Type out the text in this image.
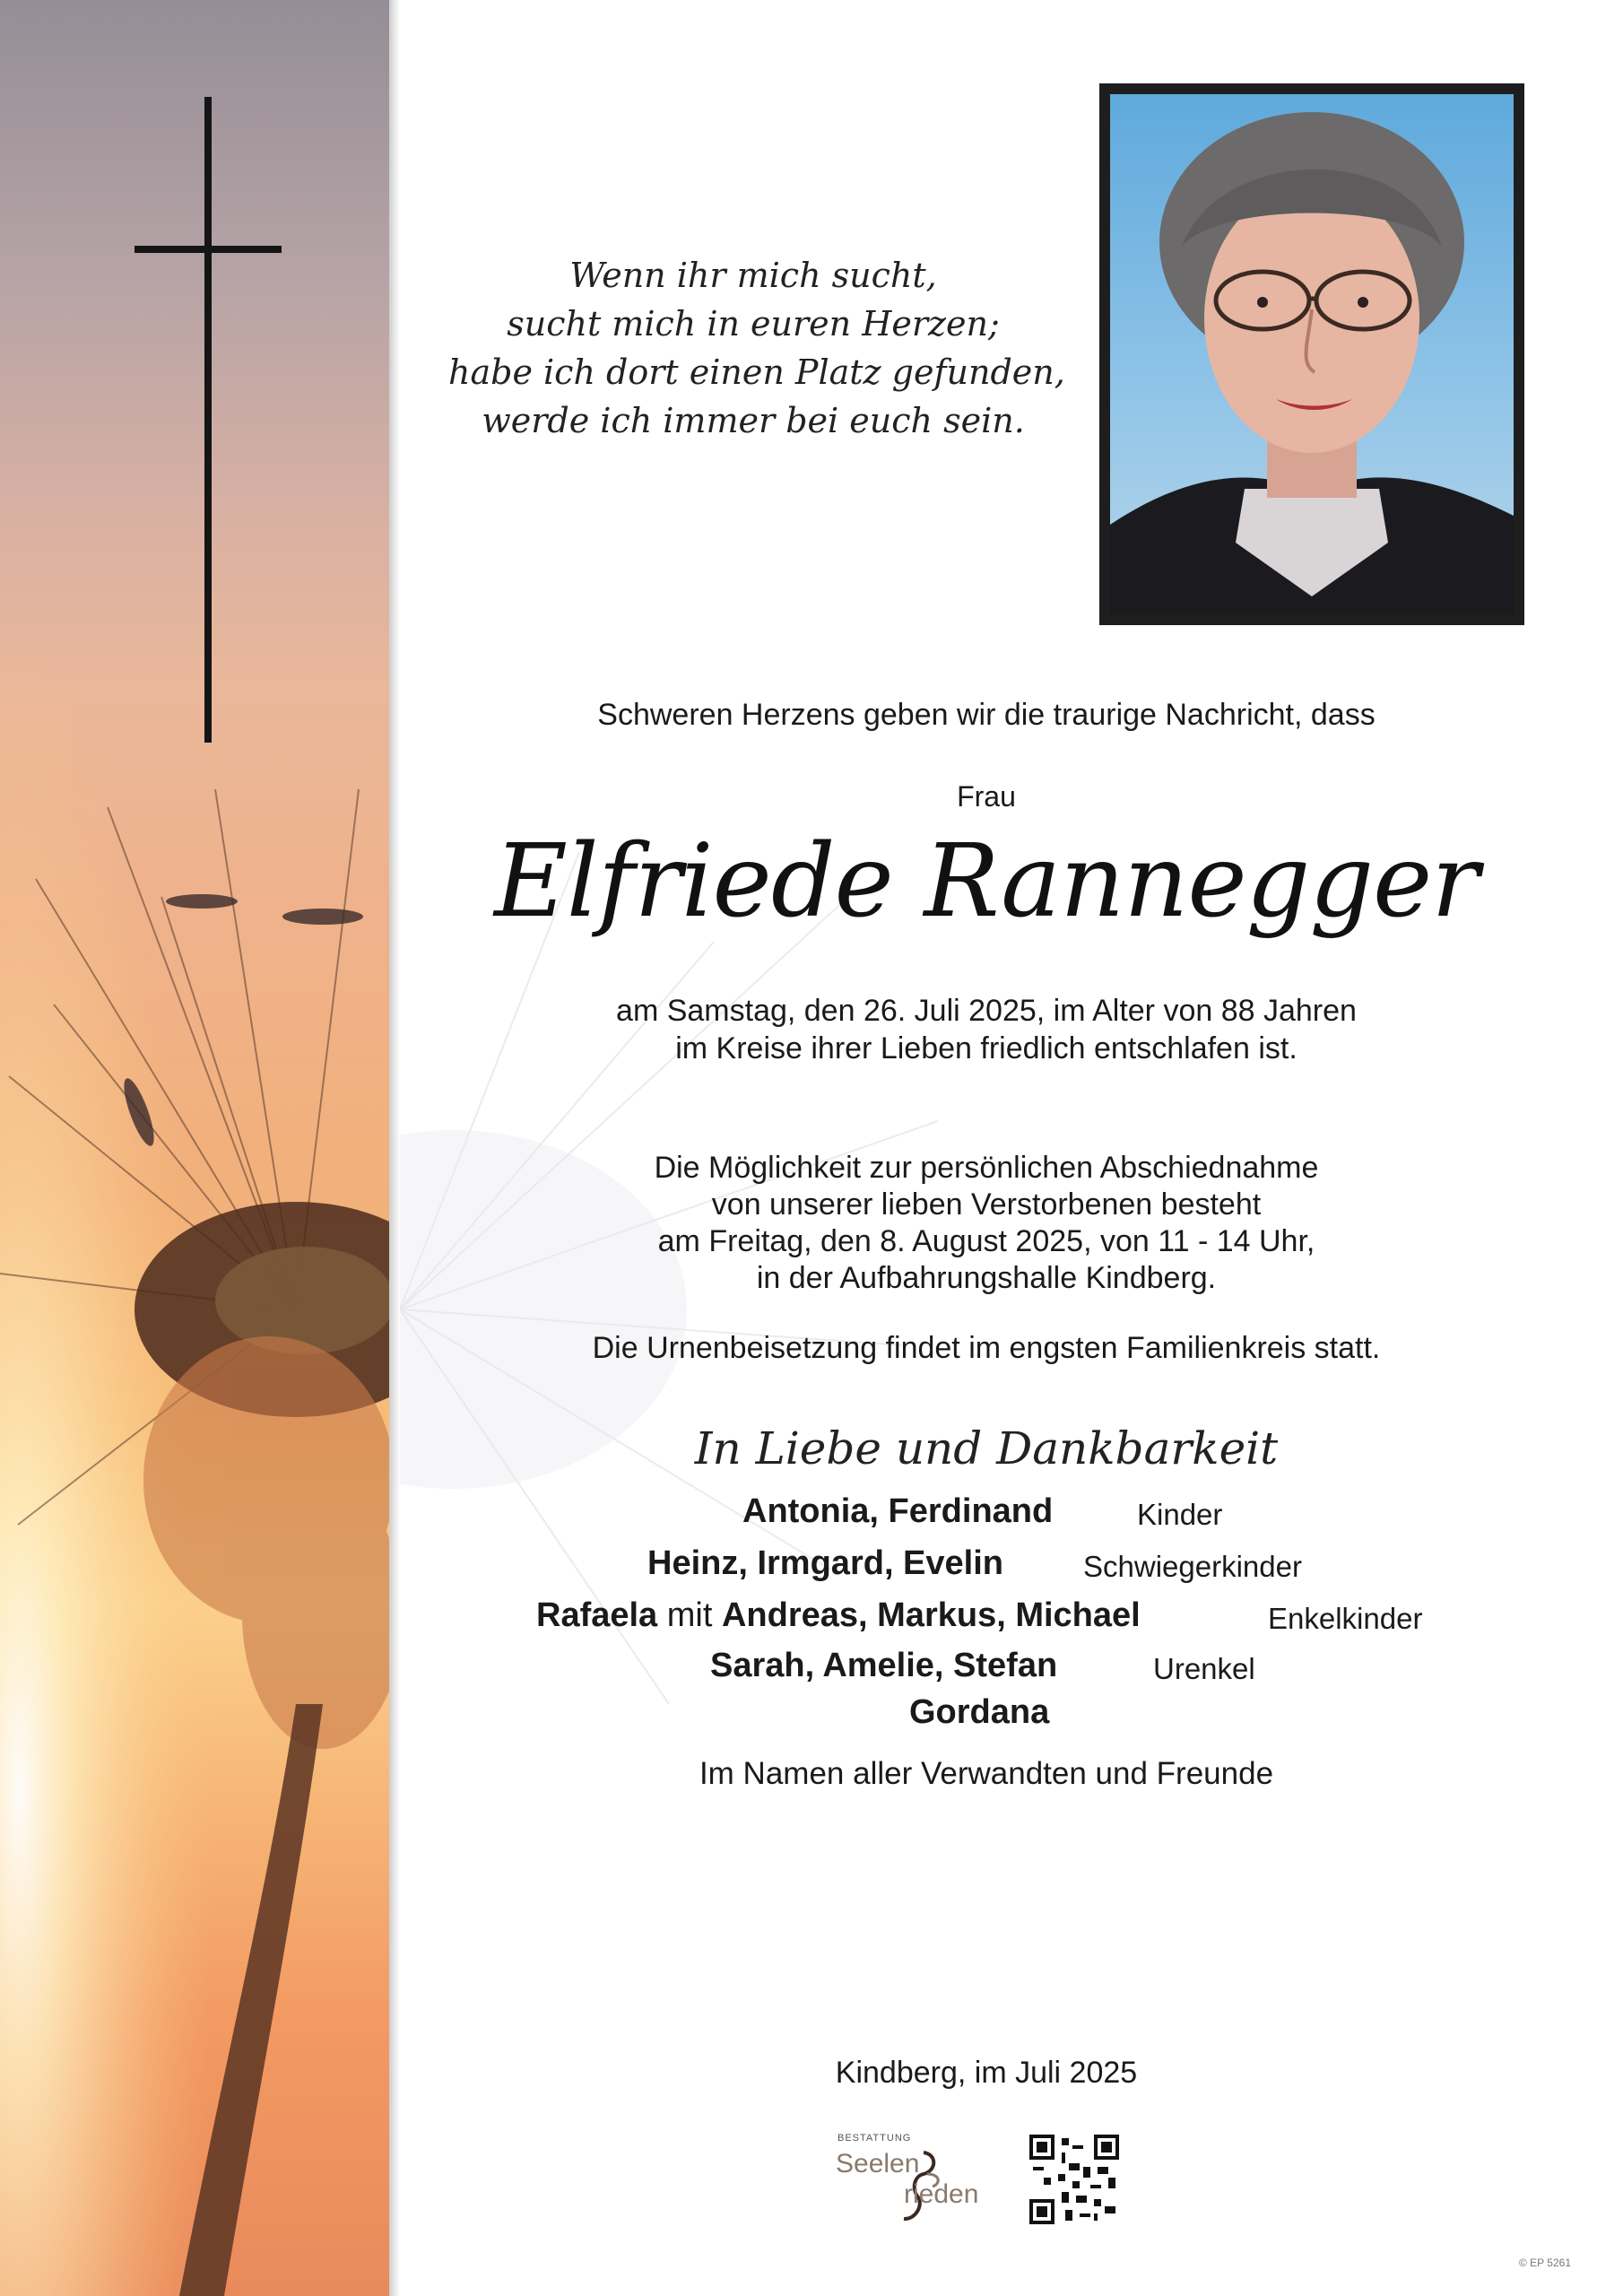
Wenn ihr mich sucht,
sucht mich in euren Herzen;
habe ich dort einen Platz gefunden,
werde ich immer bei euch sein.
Schweren Herzens geben wir die traurige Nachricht, dass
Frau
Elfriede Rannegger
am Samstag, den 26. Juli 2025, im Alter von 88 Jahren
im Kreise ihrer Lieben friedlich entschlafen ist.
Die Möglichkeit zur persönlichen Abschiednahme
von unserer lieben Verstorbenen besteht
am Freitag, den 8. August 2025, von 11 - 14 Uhr,
in der Aufbahrungshalle Kindberg.
Die Urnenbeisetzung findet im engsten Familienkreis statt.
In Liebe und Dankbarkeit
Antonia, Ferdinand	Kinder
Heinz, Irmgard, Evelin	Schwiegerkinder
Rafaela mit Andreas, Markus, Michael	Enkelkinder
Sarah, Amelie, Stefan	Urenkel
Gordana
Im Namen aller Verwandten und Freunde
Kindberg, im Juli 2025
BESTATTUNG
Seelen
rieden
© EP 5261
